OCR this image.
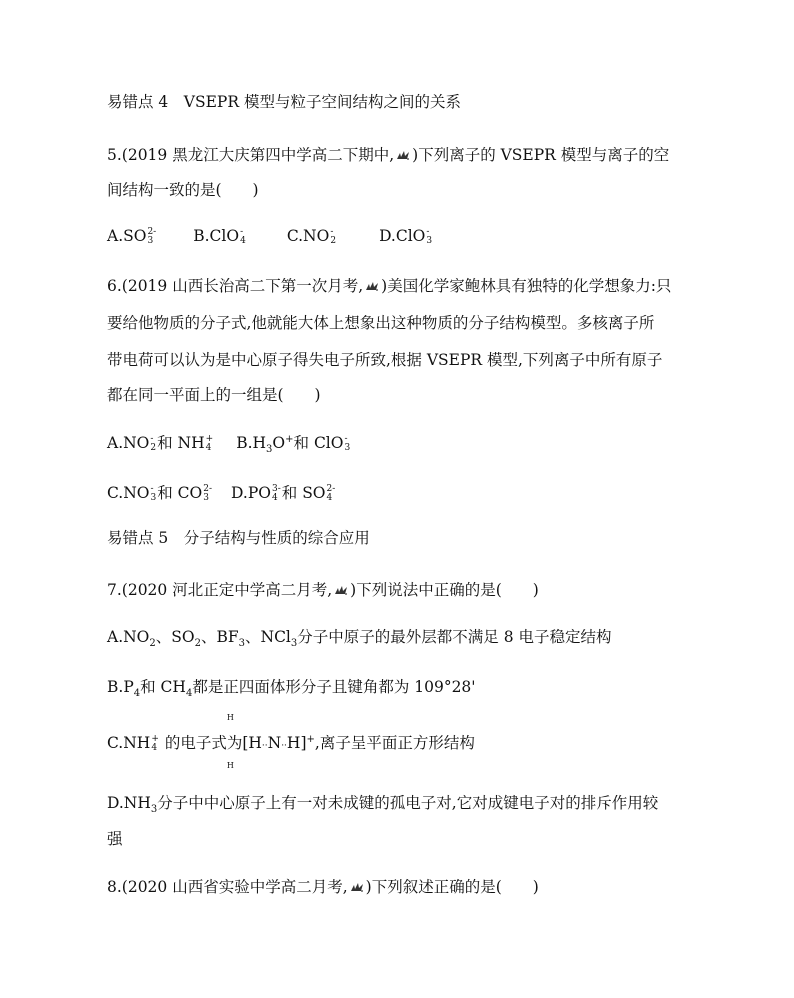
易错点 4　VSEPR 模型与粒子空间结构之间的关系
5.(2019 黑龙江大庆第四中学高二下期中, )下列离子的 VSEPR 模型与离子的空
间结构一致的是(　　)
A.SO 2-
3	B.ClO -
4	C.NO -
2	D.ClO -
3
6.(2019 山西长治高二下第一次月考, )美国化学家鲍林具有独特的化学想象力:只
要给他物质的分子式,他就能大体上想象出这种物质的分子结构模型。多核离子所
带电荷可以认为是中心原子得失电子所致,根据 VSEPR 模型,下列离子中所有原子
都在同一平面上的一组是(　　)
A.NO -
2 和 NH +
4 $B.H_3O^+$和 ClO -
3
C.NO -
3 和 CO 2-
3 D.PO 3-
4 和 SO 2-
4
易错点 5　分子结构与性质的综合应用
7.(2020 河北正定中学高二月考, )下列说法中正确的是(　　)
$A.NO_2$、$SO_2$、$BF_3$、NCl$_3$分子中原子的最外层都不满足 8 电子稳定结构
$B.P_4$和 $CH_4$都是正四面体形分子且键角都为 109°28'
C.NH +
4 的电子式为[H··N··H]+
H
H
,离子呈平面正方形结构
$D.NH_3$分子中中心原子上有一对未成键的孤电子对,它对成键电子对的排斥作用较
强
8.(2020 山西省实验中学高二月考, )下列叙述正确的是(　　)
